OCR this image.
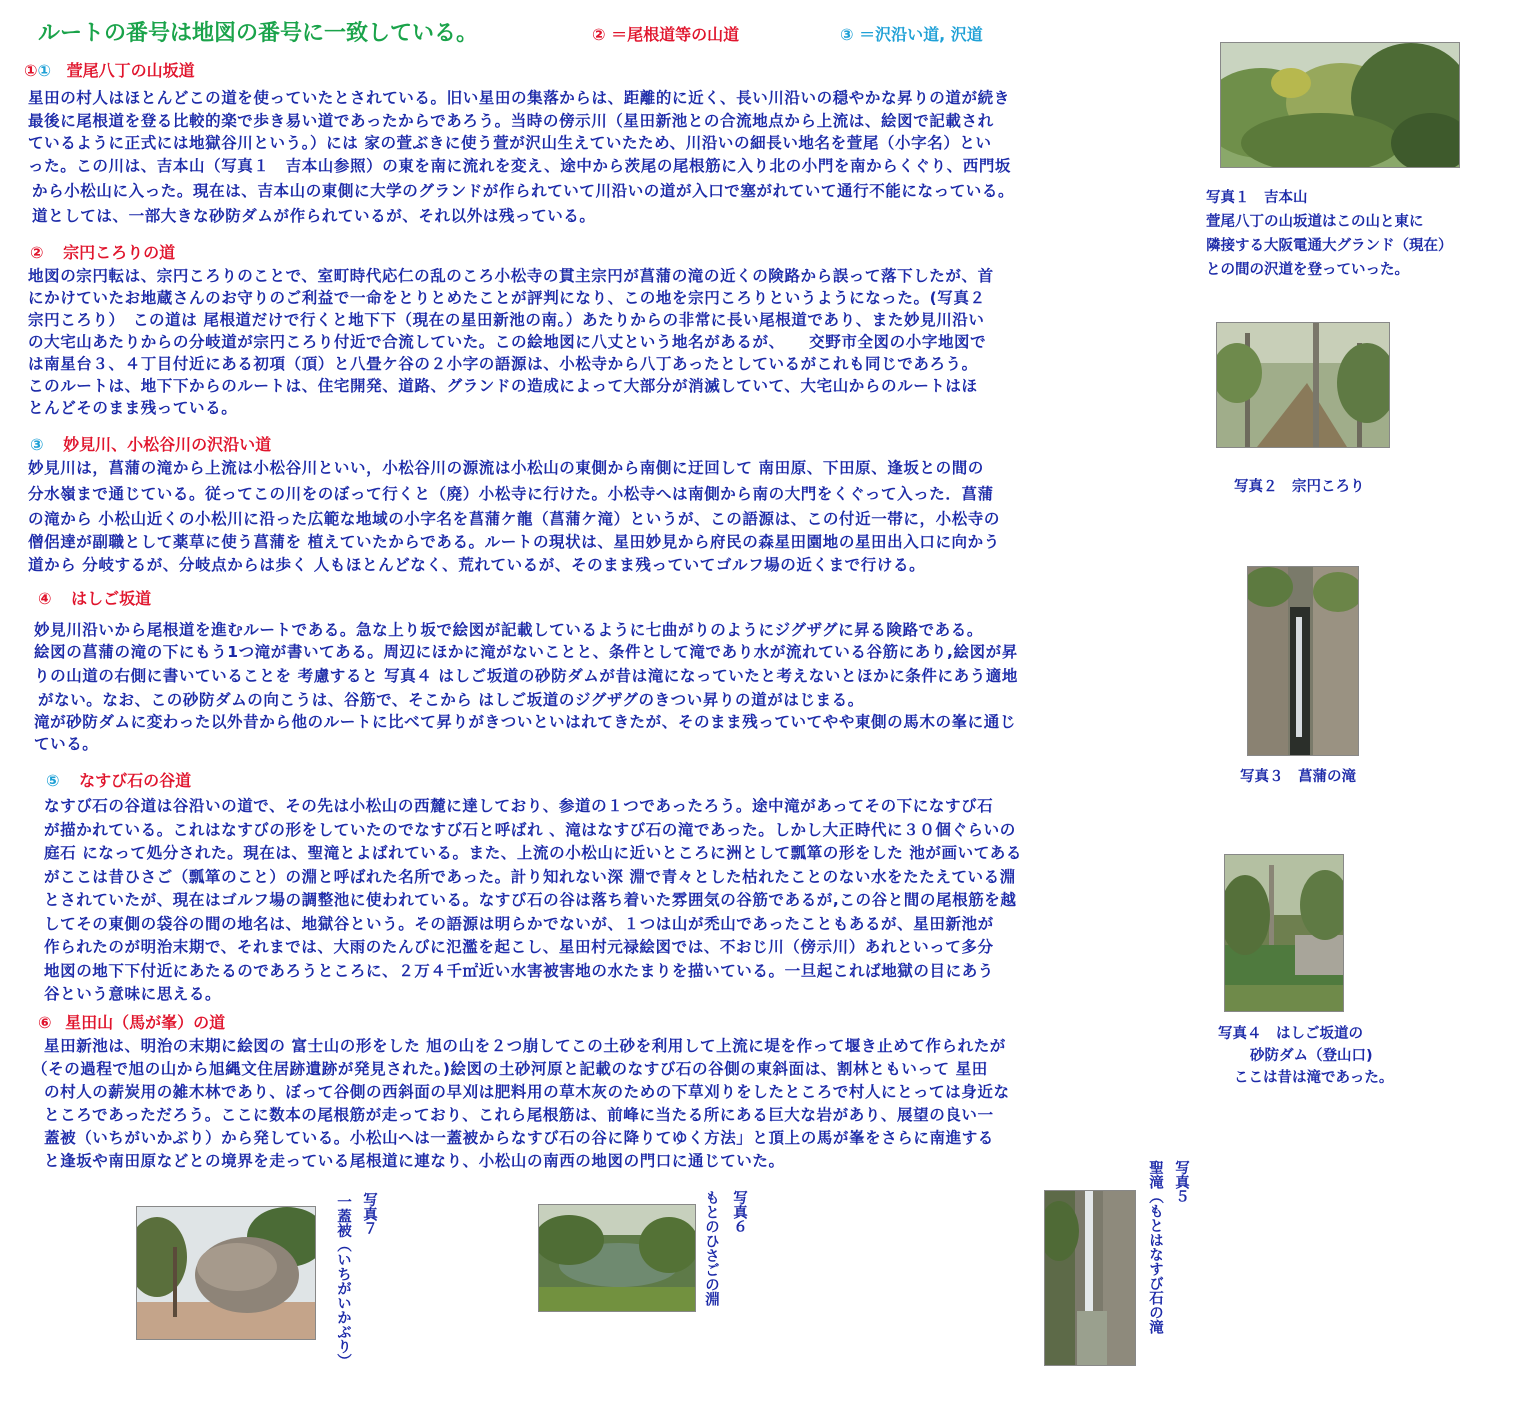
ルートの番号は地図の番号に一致している。	② ＝尾根道等の山道	③ ＝沢沿い道, 沢道
①① 萱尾八丁の山坂道
星田の村人はほとんどこの道を使っていたとされている。旧い星田の集落からは、距離的に近く、長い川沿いの穏やかな昇りの道が続き
最後に尾根道を登る比較的楽で歩き易い道であったからであろう。当時の傍示川（星田新池との合流地点から上流は、絵図で記載され
ているように正式には地獄谷川という。）には 家の萱ぶきに使う萱が沢山生えていたため、川沿いの細長い地名を萱尾（小字名）とい
った。この川は、吉本山（写真１　吉本山参照）の東を南に流れを変え、途中から茨尾の尾根筋に入り北の小門を南からくぐり、西門坂
から小松山に入った。現在は、吉本山の東側に大学のグランドが作られていて川沿いの道が入口で塞がれていて通行不能になっている。
道としては、一部大きな砂防ダムが作られているが、それ以外は残っている。
② 宗円ころりの道
地図の宗円転は、宗円ころりのことで、室町時代応仁の乱のころ小松寺の貫主宗円が菖蒲の滝の近くの険路から誤って落下したが、首
にかけていたお地蔵さんのお守りのご利益で一命をとりとめたことが評判になり、この地を宗円ころりというようになった。(写真２
宗円ころり）　この道は 尾根道だけで行くと地下下（現在の星田新池の南。）あたりからの非常に長い尾根道であり、また妙見川沿い
の大宅山あたりからの分岐道が宗円ころり付近で合流していた。この絵地図に八丈という地名があるが、　　交野市全図の小字地図で
は南星台３、４丁目付近にある初項（頂）と八畳ケ谷の２小字の語源は、小松寺から八丁あったとしているがこれも同じであろう。
このルートは、地下下からのルートは、住宅開発、道路、グランドの造成によって大部分が消滅していて、大宅山からのルートはほ
とんどそのまま残っている。
③ 妙見川、小松谷川の沢沿い道
妙見川は，菖蒲の滝から上流は小松谷川といい，小松谷川の源流は小松山の東側から南側に迂回して 南田原、下田原、逢坂との間の
分水嶺まで通じている。従ってこの川をのぼって行くと（廃）小松寺に行けた。小松寺へは南側から南の大門をくぐって入った．菖蒲
の滝から 小松山近くの小松川に沿った広範な地域の小字名を菖蒲ケ龍（菖蒲ケ滝）というが、この語源は、この付近一帯に，小松寺の
僧侶達が副職として薬草に使う菖蒲を 植えていたからである。ルートの現状は、星田妙見から府民の森星田園地の星田出入口に向かう
道から 分岐するが、分岐点からは歩く 人もほとんどなく、荒れているが、そのまま残っていてゴルフ場の近くまで行ける。
④ はしご坂道
妙見川沿いから尾根道を進むルートである。急な上り坂で絵図が記載しているように七曲がりのようにジグザグに昇る険路である。
絵図の菖蒲の滝の下にもう1つ滝が書いてある。周辺にほかに滝がないことと、条件として滝であり水が流れている谷筋にあり,絵図が昇
りの山道の右側に書いていることを 考慮すると 写真４ はしご坂道の砂防ダムが昔は滝になっていたと考えないとほかに条件にあう適地
がない。なお、この砂防ダムの向こうは、谷筋で、そこから はしご坂道のジグザグのきつい昇りの道がはじまる。
滝が砂防ダムに変わった以外昔から他のルートに比べて昇りがきついといはれてきたが、そのまま残っていてやや東側の馬木の峯に通じ
ている。
⑤ なすび石の谷道
なすび石の谷道は谷沿いの道で、その先は小松山の西麓に達しており、参道の１つであったろう。途中滝があってその下になすび石
が描かれている。これはなすびの形をしていたのでなすび石と呼ばれ 、滝はなすび石の滝であった。しかし大正時代に３０個ぐらいの
庭石 になって処分された。現在は、聖滝とよばれている。また、上流の小松山に近いところに洲として瓢箪の形をした 池が画いてある
がここは昔ひさご（瓢箪のこと）の淵と呼ばれた名所であった。計り知れない深 淵で青々とした枯れたことのない水をたたえている淵
とされていたが、現在はゴルフ場の調整池に使われている。なすび石の谷は落ち着いた雰囲気の谷筋であるが,この谷と間の尾根筋を越
してその東側の袋谷の間の地名は、地獄谷という。その語源は明らかでないが、１つは山が禿山であったこともあるが、星田新池が
作られたのが明治末期で、それまでは、大雨のたんびに氾濫を起こし、星田村元禄絵図では、不おじ川（傍示川）あれといって多分
地図の地下下付近にあたるのであろうところに、２万４千㎡近い水害被害地の水たまりを描いている。一旦起これば地獄の目にあう
谷という意味に思える。
⑥ 星田山（馬が峯）の道
星田新池は、明治の末期に絵図の 富士山の形をした 旭の山を２つ崩してこの土砂を利用して上流に堤を作って堰き止めて作られたが
（その過程で旭の山から旭縄文住居跡遺跡が発見された。)絵図の土砂河原と記載のなすび石の谷側の東斜面は、割林ともいって 星田
の村人の薪炭用の雑木林であり、ぼって谷側の西斜面の早刈は肥料用の草木灰のための下草刈りをしたところで村人にとっては身近な
ところであっただろう。ここに数本の尾根筋が走っており、これら尾根筋は、前峰に当たる所にある巨大な岩があり、展望の良い一
蓋被（いちがいかぶり）から発している。小松山へは一蓋被からなすび石の谷に降りてゆく方法」と頂上の馬が峯をさらに南進する
と逢坂や南田原などとの境界を走っている尾根道に連なり、小松山の南西の地図の門口に通じていた。
写真１　吉本山
萱尾八丁の山坂道はこの山と東に
隣接する大阪電通大グランド（現在）
との間の沢道を登っていった。
写真２　宗円ころり
写真３　菖蒲の滝
写真４　はしご坂道の
砂防ダム（登山口)
ここは昔は滝であった。
写真７
一蓋被（いちがいかぶり）	写真６
もとのひさごの淵
写真５
聖滝（もとはなすび石の滝
